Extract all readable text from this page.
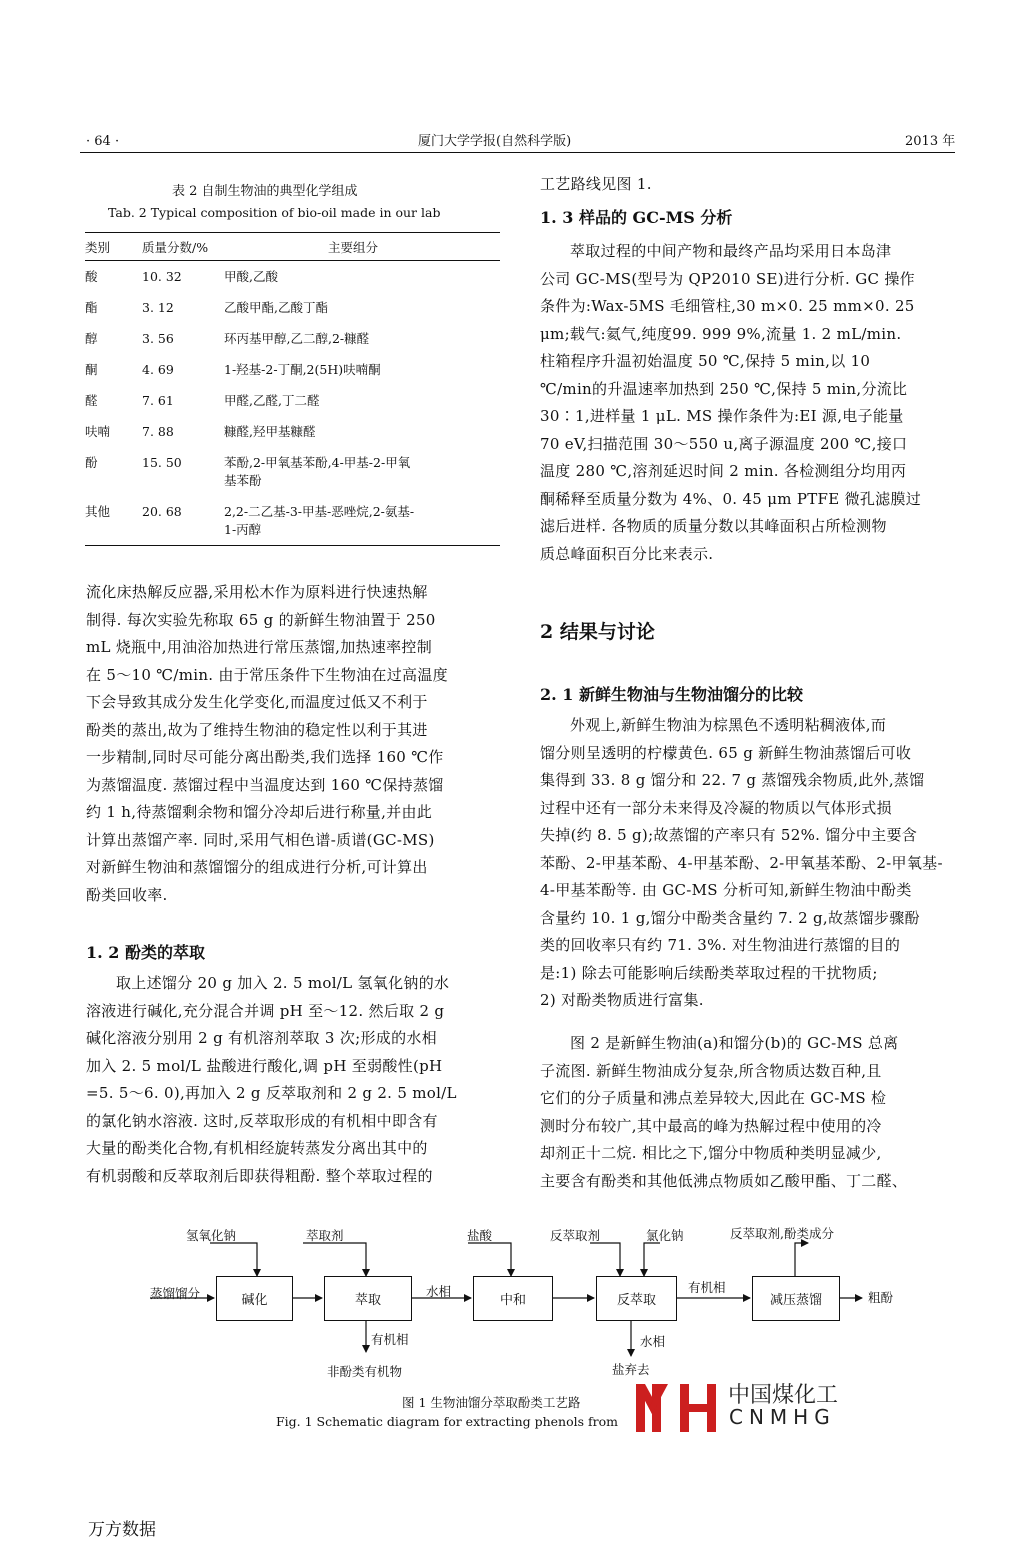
· 64 ·	厦门大学学报(自然科学版)	2013 年
表 2 自制生物油的典型化学组成
Tab. 2 Typical composition of bio-oil made in our lab
类别	质量分数/%	主要组分
酸	10. 32	甲酸,乙酸
酯	3. 12	乙酸甲酯,乙酸丁酯
醇	3. 56	环丙基甲醇,乙二醇,2-糠醛
酮	4. 69	1-羟基-2-丁酮,2(5H)呋喃酮
醛	7. 61	甲醛,乙醛,丁二醛
呋喃	7. 88	糠醛,羟甲基糠醛
酚	15. 50	苯酚,2-甲氧基苯酚,4-甲基-2-甲氧
基苯酚

其他	20. 68	2,2-二乙基-3-甲基-恶唑烷,2-氨基-
1-丙醇
流化床热解反应器,采用松木作为原料进行快速热解
制得. 每次实验先称取 65 g 的新鲜生物油置于 250
mL 烧瓶中,用油浴加热进行常压蒸馏,加热速率控制
在 5～10 ℃/min. 由于常压条件下生物油在过高温度
下会导致其成分发生化学变化,而温度过低又不利于
酚类的蒸出,故为了维持生物油的稳定性以利于其进
一步精制,同时尽可能分离出酚类,我们选择 160 ℃作
为蒸馏温度. 蒸馏过程中当温度达到 160 ℃保持蒸馏
约 1 h,待蒸馏剩余物和馏分冷却后进行称量,并由此
计算出蒸馏产率. 同时,采用气相色谱-质谱(GC-MS)
对新鲜生物油和蒸馏馏分的组成进行分析,可计算出
酚类回收率.
1. 2 酚类的萃取
取上述馏分 20 g 加入 2. 5 mol/L 氢氧化钠的水
溶液进行碱化,充分混合并调 pH 至～12. 然后取 2 g
碱化溶液分别用 2 g 有机溶剂萃取 3 次;形成的水相
加入 2. 5 mol/L 盐酸进行酸化,调 pH 至弱酸性(pH
=5. 5～6. 0),再加入 2 g 反萃取剂和 2 g 2. 5 mol/L
的氯化钠水溶液. 这时,反萃取形成的有机相中即含有
大量的酚类化合物,有机相经旋转蒸发分离出其中的
有机弱酸和反萃取剂后即获得粗酚. 整个萃取过程的
工艺路线见图 1.
1. 3 样品的 GC-MS 分析
萃取过程的中间产物和最终产品均采用日本岛津
公司 GC-MS(型号为 QP2010 SE)进行分析. GC 操作
条件为:Wax-5MS 毛细管柱,30 m×0. 25 mm×0. 25
μm;载气:氦气,纯度99. 999 9%,流量 1. 2 mL/min.
柱箱程序升温初始温度 50 ℃,保持 5 min,以 10
℃/min的升温速率加热到 250 ℃,保持 5 min,分流比
30∶1,进样量 1 μL. MS 操作条件为:EI 源,电子能量
70 eV,扫描范围 30～550 u,离子源温度 200 ℃,接口
温度 280 ℃,溶剂延迟时间 2 min. 各检测组分均用丙
酮稀释至质量分数为 4%、0. 45 μm PTFE 微孔滤膜过
滤后进样. 各物质的质量分数以其峰面积占所检测物
质总峰面积百分比来表示.
2 结果与讨论
2. 1 新鲜生物油与生物油馏分的比较
外观上,新鲜生物油为棕黑色不透明粘稠液体,而
馏分则呈透明的柠檬黄色. 65 g 新鲜生物油蒸馏后可收
集得到 33. 8 g 馏分和 22. 7 g 蒸馏残余物质,此外,蒸馏
过程中还有一部分未来得及冷凝的物质以气体形式损
失掉(约 8. 5 g);故蒸馏的产率只有 52%. 馏分中主要含
苯酚、2-甲基苯酚、4-甲基苯酚、2-甲氧基苯酚、2-甲氧基-
4-甲基苯酚等. 由 GC-MS 分析可知,新鲜生物油中酚类
含量约 10. 1 g,馏分中酚类含量约 7. 2 g,故蒸馏步骤酚
类的回收率只有约 71. 3%. 对生物油进行蒸馏的目的
是:1) 除去可能影响后续酚类萃取过程的干扰物质;
2) 对酚类物质进行富集.
图 2 是新鲜生物油(a)和馏分(b)的 GC-MS 总离
子流图. 新鲜生物油成分复杂,所含物质达数百种,且
它们的分子质量和沸点差异较大,因此在 GC-MS 检
测时分布较广,其中最高的峰为热解过程中使用的冷
却剂正十二烷. 相比之下,馏分中物质种类明显减少,
主要含有酚类和其他低沸点物质如乙酸甲酯、丁二醛、
碱化	萃取	中和	反萃取	减压蒸馏
氢氧化钠	萃取剂	盐酸	反萃取剂	氯化钠	反萃取剂,酚类成分
蒸馏馏分	粗酚
水相	有机相
有机相
非酚类有机物
水相
盐弃去
图 1 生物油馏分萃取酚类工艺路
Fig. 1 Schematic diagram for extracting phenols from
中国煤化工
CNMHG
万方数据
